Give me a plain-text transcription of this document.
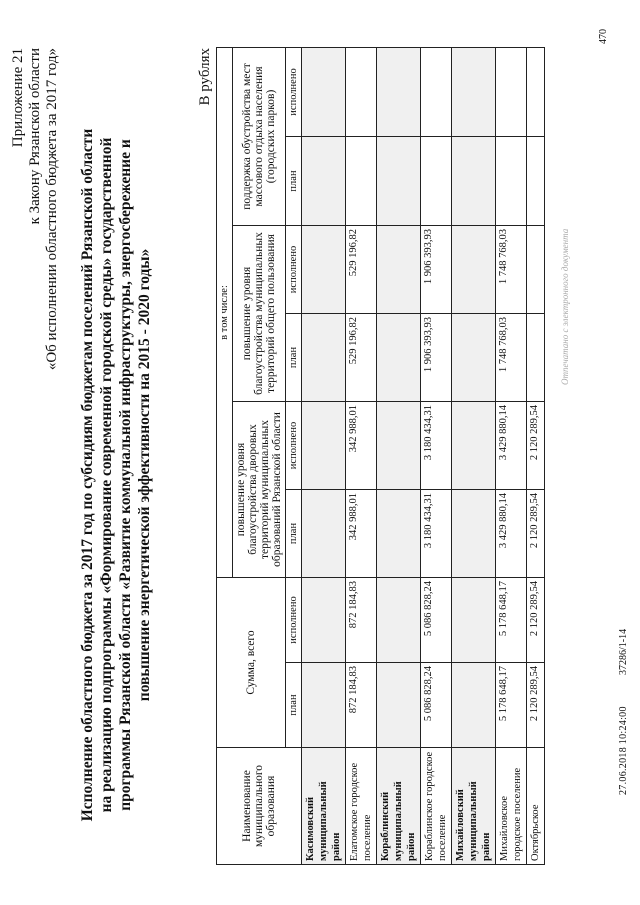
470
Приложение 21 к Закону Рязанской области «Об исполнении областного бюджета за 2017 год» Исполнение областного бюджета за 2017 год по субсидиям бюджетам поселений Рязанской области на реализацию подпрограммы «Формирование современной городской среды» государственной программы Рязанской области «Развитие коммунальной инфраструктуры, энергосбережение и повышение энергетической эффективности на 2015 - 2020 годы»
В рублях
Наименование муниципального образования	Сумма, всего		в том числе:					
			повышение уровня благоустройства дворовых территорий муниципальных образований Рязанской области		повышение уровня благоустройства муниципальных территорий общего пользования		поддержка обустройства мест массового отдыха населения (городских парков)	
	план	исполнено	план	исполнено	план	исполнено	план	исполнено
Касимовский муниципальный район								
Елатомское городское поселение	872 184,83	872 184,83	342 988,01	342 988,01	529 196,82	529 196,82		
Кораблинский муниципальный район								
Кораблинское городское поселение	5 086 828,24	5 086 828,24	3 180 434,31	3 180 434,31	1 906 393,93	1 906 393,93		
Михайловский муниципальный район								
Михайловское городское поселение	5 178 648,17	5 178 648,17	3 429 880,14	3 429 880,14	1 748 768,03	1 748 768,03		
Октябрьское	2 120 289,54	2 120 289,54	2 120 289,54	2 120 289,54				
27.06.2018 10:24:00
37286/1-14
Отпечатано с электронного документа
